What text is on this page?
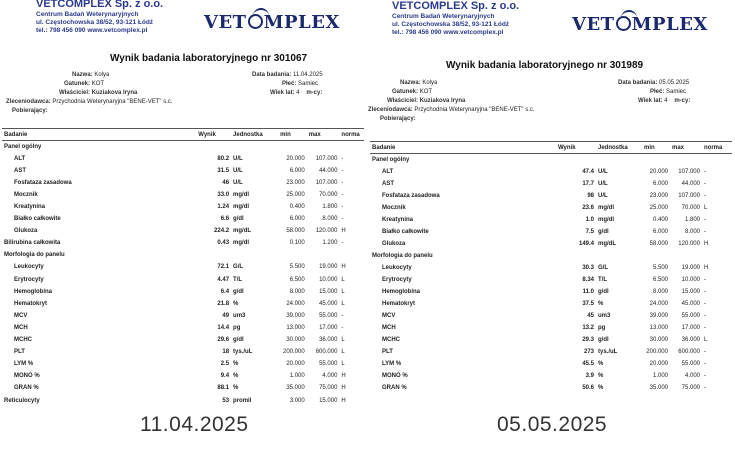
VETCOMPLEX Sp. z o.o.
Centrum Badań Weterynaryjnych
ul. Częstochowska 38/52, 93-121 Łódź
tel.: 798 456 090 www.vetcomplex.pl	VET MPLEX
Wynik badania laboratoryjnego nr 301067
Nazwa: Kolya
Gatunek: KOT
Właściciel: Kuziakova Iryna
Zleceniodawca: Przychodnia Weterynaryjna "BENE-VET" s.c.
Pobierający:
Data badania: 11.04.2025
Płeć: Samiec
Wiek lat: 4 m-cy:
Badanie	Wynik	Jednostka	min	max	norma
Panel ogólny					
ALT	80.2	U/L	20.000	107.000	-
AST	31.5	U/L	6.000	44.000	-
Fosfataza zasadowa	46	U/L	23.000	107.000	-
Mocznik	33.0	mg/dl	25.000	70.000	-
Kreatynina	1.24	mg/dl	0.400	1.800	-
Białko całkowite	6.6	g/dl	6.000	8.000	-
Glukoza	224.2	mg/dL	58.000	120.000	H
Bilirubina całkowita	0.43	mg/dl	0.100	1.200	-
Morfologia do panelu					
Leukocyty	72.1	G/L	5.500	19.000	H
Erytrocyty	4.47	T/L	6.500	10.000	L
Hemoglobina	6.4	g/dl	8.000	15.000	L
Hematokryt	21.8	%	24.000	45.000	L
MCV	49	um3	39.000	55.000	-
MCH	14.4	pg	13.000	17.000	-
MCHC	29.6	g/dl	30.000	36.000	L
PLT	18	tys./uL	200.000	600.000	L
LYM %	2.5	%	20.000	55.000	L
MONO %	9.4	%	1.000	4.000	H
GRAN %	88.1	%	35.000	75.000	H
Reticulocyty	53	promil	3.000	15.000	H
VETCOMPLEX Sp. z o.o.
Centrum Badań Weterynaryjnych
ul. Częstochowska 38/52, 93-121 Łódź
tel.: 798 456 090 www.vetcomplex.pl	VET MPLEX
Wynik badania laboratoryjnego nr 301989
Nazwa: Kolya
Gatunek: KOT
Właściciel: Kuziakova Iryna
Zleceniodawca: Przychodnia Weterynaryjna "BENE-VET" s.c.
Pobierający:
Data badania: 05.05.2025
Płeć: Samiec
Wiek lat: 4 m-cy:
Badanie	Wynik	Jednostka	min	max	norma
Panel ogólny					
ALT	47.4	U/L	20.000	107.000	-
AST	17.7	U/L	6.000	44.000	-
Fosfataza zasadowa	98	U/L	23.000	107.000	-
Mocznik	23.6	mg/dl	25.000	70.000	L
Kreatynina	1.0	mg/dl	0.400	1.800	-
Białko całkowite	7.5	g/dl	6.000	8.000	-
Glukoza	149.4	mg/dL	58.000	120.000	H
Morfologia do panelu					
Leukocyty	30.3	G/L	5.500	19.000	H
Erytrocyty	8.34	T/L	6.500	10.000	-
Hemoglobina	11.0	g/dl	8.000	15.000	-
Hematokryt	37.5	%	24.000	45.000	-
MCV	45	um3	39.000	55.000	-
MCH	13.2	pg	13.000	17.000	-
MCHC	29.3	g/dl	30.000	36.000	L
PLT	273	tys./uL	200.000	600.000	-
LYM %	45.5	%	20.000	55.000	-
MONO %	3.9	%	1.000	4.000	-
GRAN %	50.6	%	35.000	75.000	-
11.04.2025	05.05.2025
